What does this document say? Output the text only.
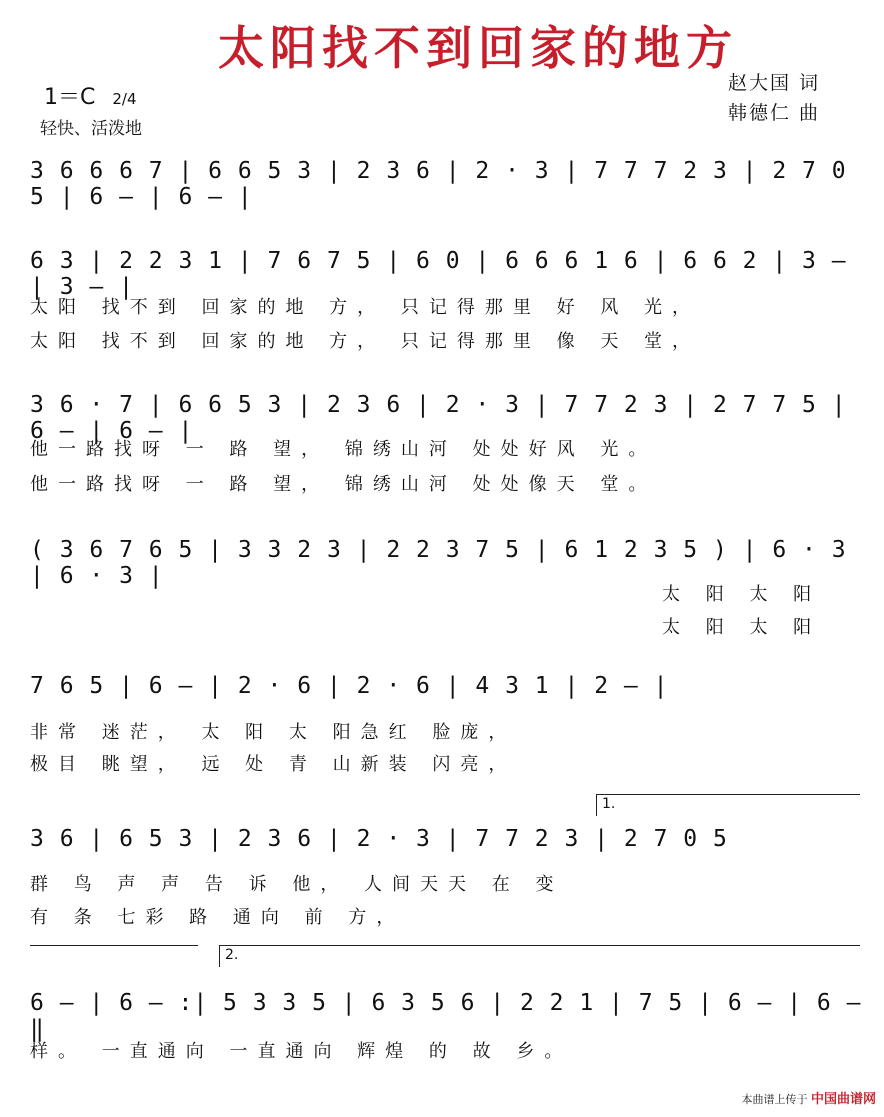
太阳找不到回家的地方
1＝C 2/4
轻快、活泼地
赵大国 词
韩德仁 曲
3 6 6 6 7 | 6 6 5 3 | 2 3 6 | 2 · 3 | 7 7 7 2 3 | 2 7 0 5 | 6 — | 6 — |
6 3 | 2 2 3 1 | 7 6 7 5 | 6 0 | 6 6 6 1 6 | 6 6 2 | 3 — | 3 — |
太阳 找不到 回家的地 方， 只记得那里 好 风 光，
太阳 找不到 回家的地 方， 只记得那里 像 天 堂，
3 6 · 7 | 6 6 5 3 | 2 3 6 | 2 · 3 | 7 7 2 3 | 2 7 7 5 | 6 — | 6 — |
他一路找呀 一 路 望， 锦绣山河 处处好风 光。
他一路找呀 一 路 望， 锦绣山河 处处像天 堂。
( 3 6 7 6 5 | 3 3 2 3 | 2 2 3 7 5 | 6 1 2 3 5 ) | 6 · 3 | 6 · 3 |
太 阳 太 阳
太 阳 太 阳
7 6 5 | 6 — | 2 · 6 | 2 · 6 | 4 3 1 | 2 — |
非常 迷茫， 太 阳 太 阳急红 脸庞，
极目 眺望， 远 处 青 山新装 闪亮，
1.
3 6 | 6 5 3 | 2 3 6 | 2 · 3 | 7 7 2 3 | 2 7 0 5
群 鸟 声 声 告 诉 他， 人间天天 在 变
有 条 七彩 路 通向 前 方，
2.
6 — | 6 — :| 5 3 3 5 | 6 3 5 6 | 2 2 1 | 7 5 | 6 — | 6 — ‖
样。 一直通向 一直通向 辉煌 的 故 乡。
本曲谱上传于 中国曲谱网
